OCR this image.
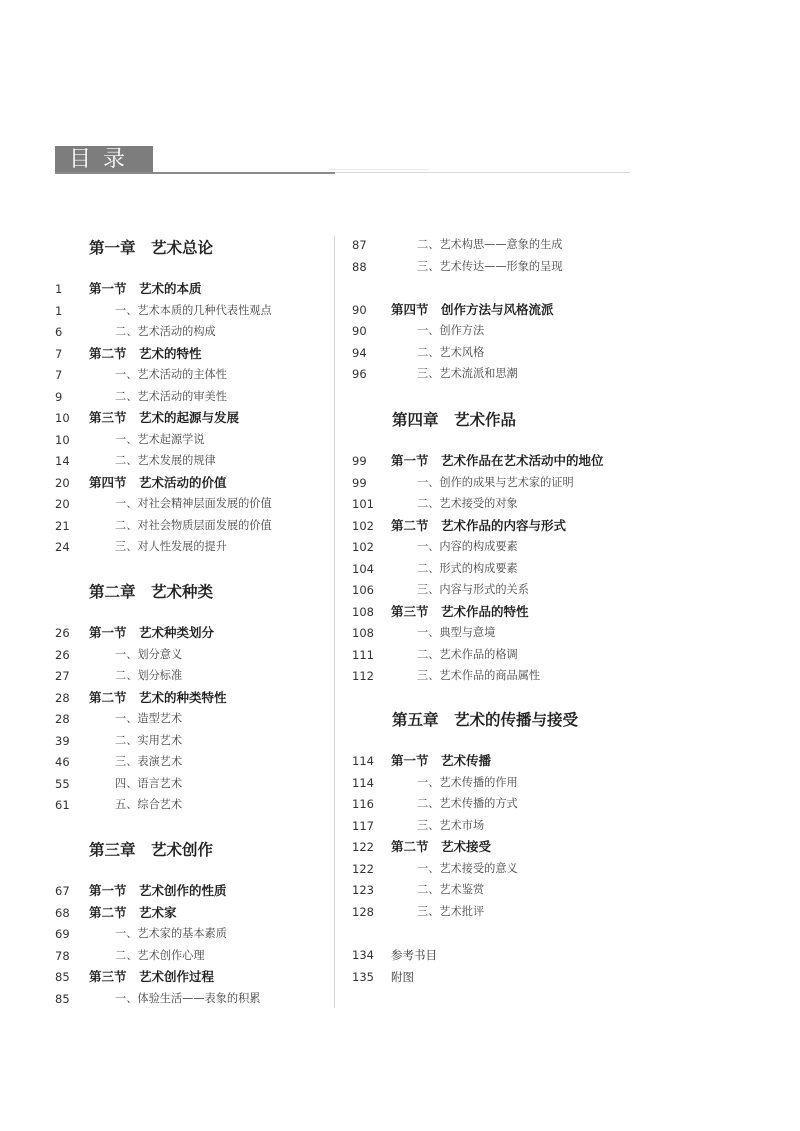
目录
第一章　艺术总论
1 第一节　艺术的本质
1	一、艺术本质的几种代表性观点
6	二、艺术活动的构成
7 第二节　艺术的特性
7	一、艺术活动的主体性
9	二、艺术活动的审美性
10 第三节　艺术的起源与发展
10	一、艺术起源学说
14	二、艺术发展的规律
20 第四节　艺术活动的价值
20	一、对社会精神层面发展的价值
21	二、对社会物质层面发展的价值
24	三、对人性发展的提升
第二章　艺术种类
26 第一节　艺术种类划分
26	一、划分意义
27	二、划分标准
28 第二节　艺术的种类特性
28	一、造型艺术
39	二、实用艺术
46	三、表演艺术
55	四、语言艺术
61	五、综合艺术
第三章　艺术创作
67 第一节　艺术创作的性质
68 第二节　艺术家
69	一、艺术家的基本素质
78	二、艺术创作心理
85 第三节　艺术创作过程
85	一、体验生活——表象的积累
87	二、艺术构思——意象的生成
88	三、艺术传达——形象的呈现
90 第四节　创作方法与风格流派
90	一、创作方法
94	二、艺术风格
96	三、艺术流派和思潮
第四章　艺术作品
99 第一节　艺术作品在艺术活动中的地位
99	一、创作的成果与艺术家的证明
101	二、艺术接受的对象
102 第二节　艺术作品的内容与形式
102	一、内容的构成要素
104	二、形式的构成要素
106	三、内容与形式的关系
108 第三节　艺术作品的特性
108	一、典型与意境
111	二、艺术作品的格调
112	三、艺术作品的商品属性
第五章　艺术的传播与接受
114 第一节　艺术传播
114	一、艺术传播的作用
116	二、艺术传播的方式
117	三、艺术市场
122 第二节　艺术接受
122	一、艺术接受的意义
123	二、艺术鉴赏
128	三、艺术批评
134 参考书目
135 附图
